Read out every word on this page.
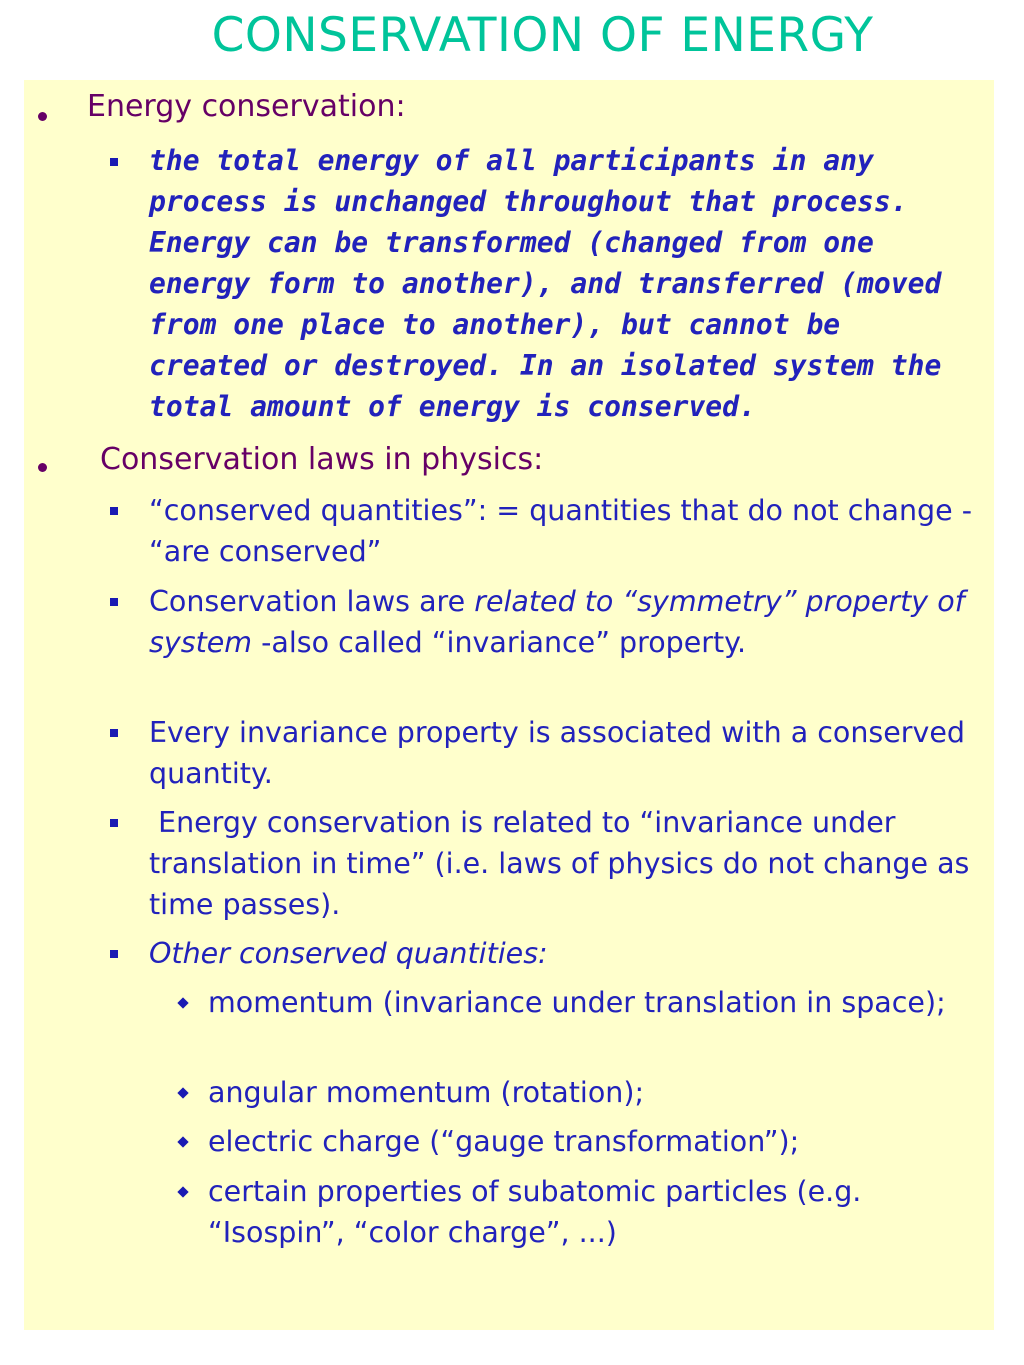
CONSERVATION OF ENERGY
Energy conservation:
the total energy of all participants in any
process is unchanged throughout that process.
Energy can be transformed (changed from one
energy form to another), and transferred (moved
from one place to another), but cannot be
created or destroyed. In an isolated system the
total amount of energy is conserved.
Conservation laws in physics:
“conserved quantities”: = quantities that do not change - “are conserved”
Conservation laws are related to “symmetry” property of system -also called “invariance” property.
Every invariance property is associated with a conserved quantity.
Energy conservation is related to “invariance under translation in time” (i.e. laws of physics do not change as time passes).
Other conserved quantities:
momentum (invariance under translation in space);
angular momentum (rotation);
electric charge (“gauge transformation”);
certain properties of subatomic particles (e.g. “Isospin”, “color charge”, ...)
